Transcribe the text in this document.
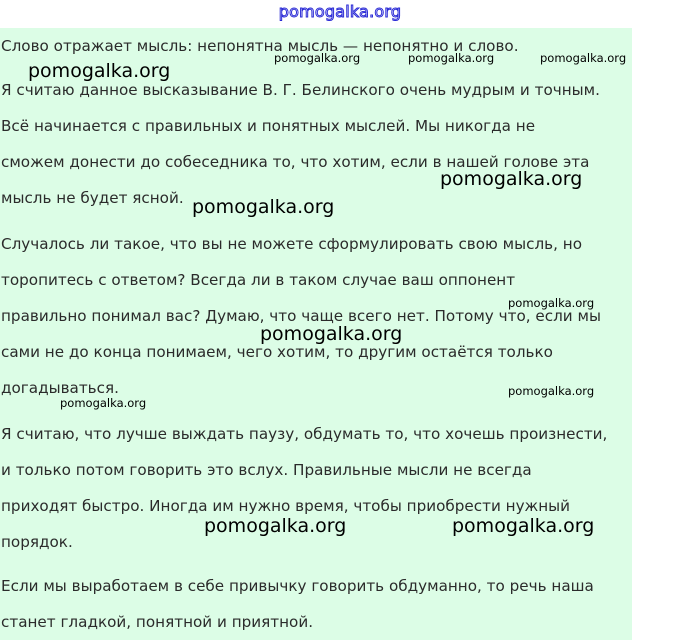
pomogalka.org

Слово отражает мысль: непонятна мысль — непонятно и слово.

Я считаю данное высказывание В. Г. Белинского очень мудрым и точным.
Всё начинается с правильных и понятных мыслей. Мы никогда не
сможем донести до собеседника то, что хотим, если в нашей голове эта
мысль не будет ясной.

Случалось ли такое, что вы не можете сформулировать свою мысль, но
торопитесь с ответом? Всегда ли в таком случае ваш оппонент
правильно понимал вас? Думаю, что чаще всего нет. Потому что, если мы
сами не до конца понимаем, чего хотим, то другим остаётся только
догадываться.

Я считаю, что лучше выждать паузу, обдумать то, что хочешь произнести,
и только потом говорить это вслух. Правильные мысли не всегда
приходят быстро. Иногда им нужно время, чтобы приобрести нужный
порядок.

Если мы выработаем в себе привычку говорить обдуманно, то речь наша
станет гладкой, понятной и приятной.

pomogalka.org	pomogalka.org	pomogalka.org
pomogalka.org
pomogalka.org
pomogalka.org
pomogalka.org
pomogalka.org
pomogalka.org
pomogalka.org
pomogalka.org	pomogalka.org
